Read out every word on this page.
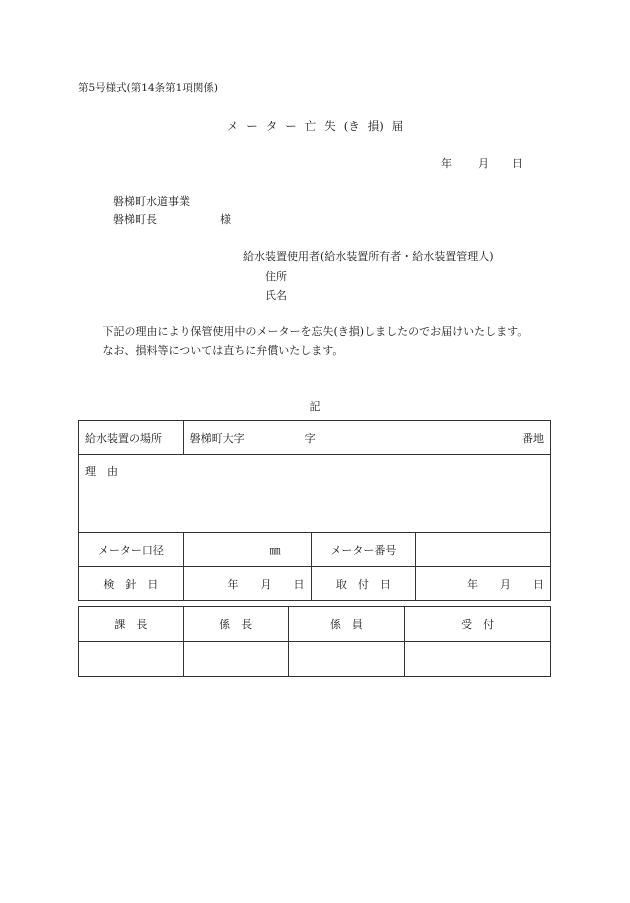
第5号様式(第14条第1項関係)
メ ー タ ー 亡 失 (き 損) 届
年 月 日
磐梯町水道事業
磐梯町長	様
給水装置使用者(給水装置所有者・給水装置管理人)
住所
氏名

下記の理由により保管使用中のメーターを忘失(き損)しましたのでお届けいたします。

なお、損料等については直ちに弁償いたします。

記
給水装置の場所	磐梯町大字 字 番地		

理　由			
メーター口径	㎜	メーター番号	
検　針　日	年 月 日	取　付　日	年 月 日
課　長	係　長	係　員	受　付
